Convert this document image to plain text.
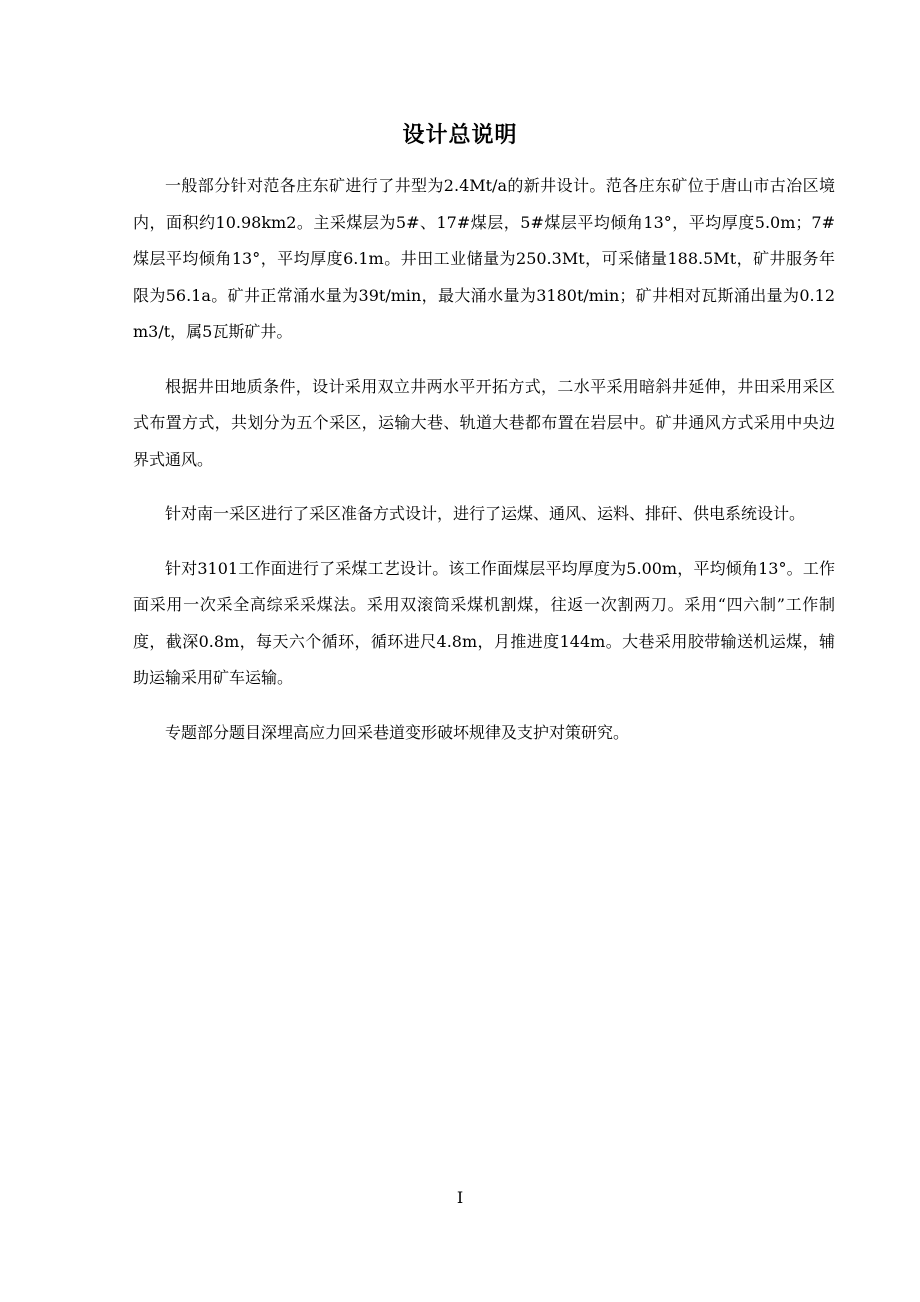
设计总说明

一般部分针对范各庄东矿进行了井型为2.4Mt/a的新井设计。范各庄东矿位于唐山市古冶区境内，面积约10.98km2。主采煤层为5#、17#煤层，5#煤层平均倾角13°，平均厚度5.0m；7#煤层平均倾角13°，平均厚度6.1m。井田工业储量为250.3Mt，可采储量188.5Mt，矿井服务年限为56.1a。矿井正常涌水量为39t/min，最大涌水量为3180t/min；矿井相对瓦斯涌出量为0.12m3/t，属5瓦斯矿井。

根据井田地质条件，设计采用双立井两水平开拓方式，二水平采用暗斜井延伸，井田采用采区式布置方式，共划分为五个采区，运输大巷、轨道大巷都布置在岩层中。矿井通风方式采用中央边界式通风。

针对南一采区进行了采区准备方式设计，进行了运煤、通风、运料、排矸、供电系统设计。

针对3101工作面进行了采煤工艺设计。该工作面煤层平均厚度为5.00m，平均倾角13°。工作面采用一次采全高综采采煤法。采用双滚筒采煤机割煤，往返一次割两刀。采用“四六制”工作制度，截深0.8m，每天六个循环，循环进尺4.8m，月推进度144m。大巷采用胶带输送机运煤，辅助运输采用矿车运输。

专题部分题目深埋高应力回采巷道变形破坏规律及支护对策研究。

I
